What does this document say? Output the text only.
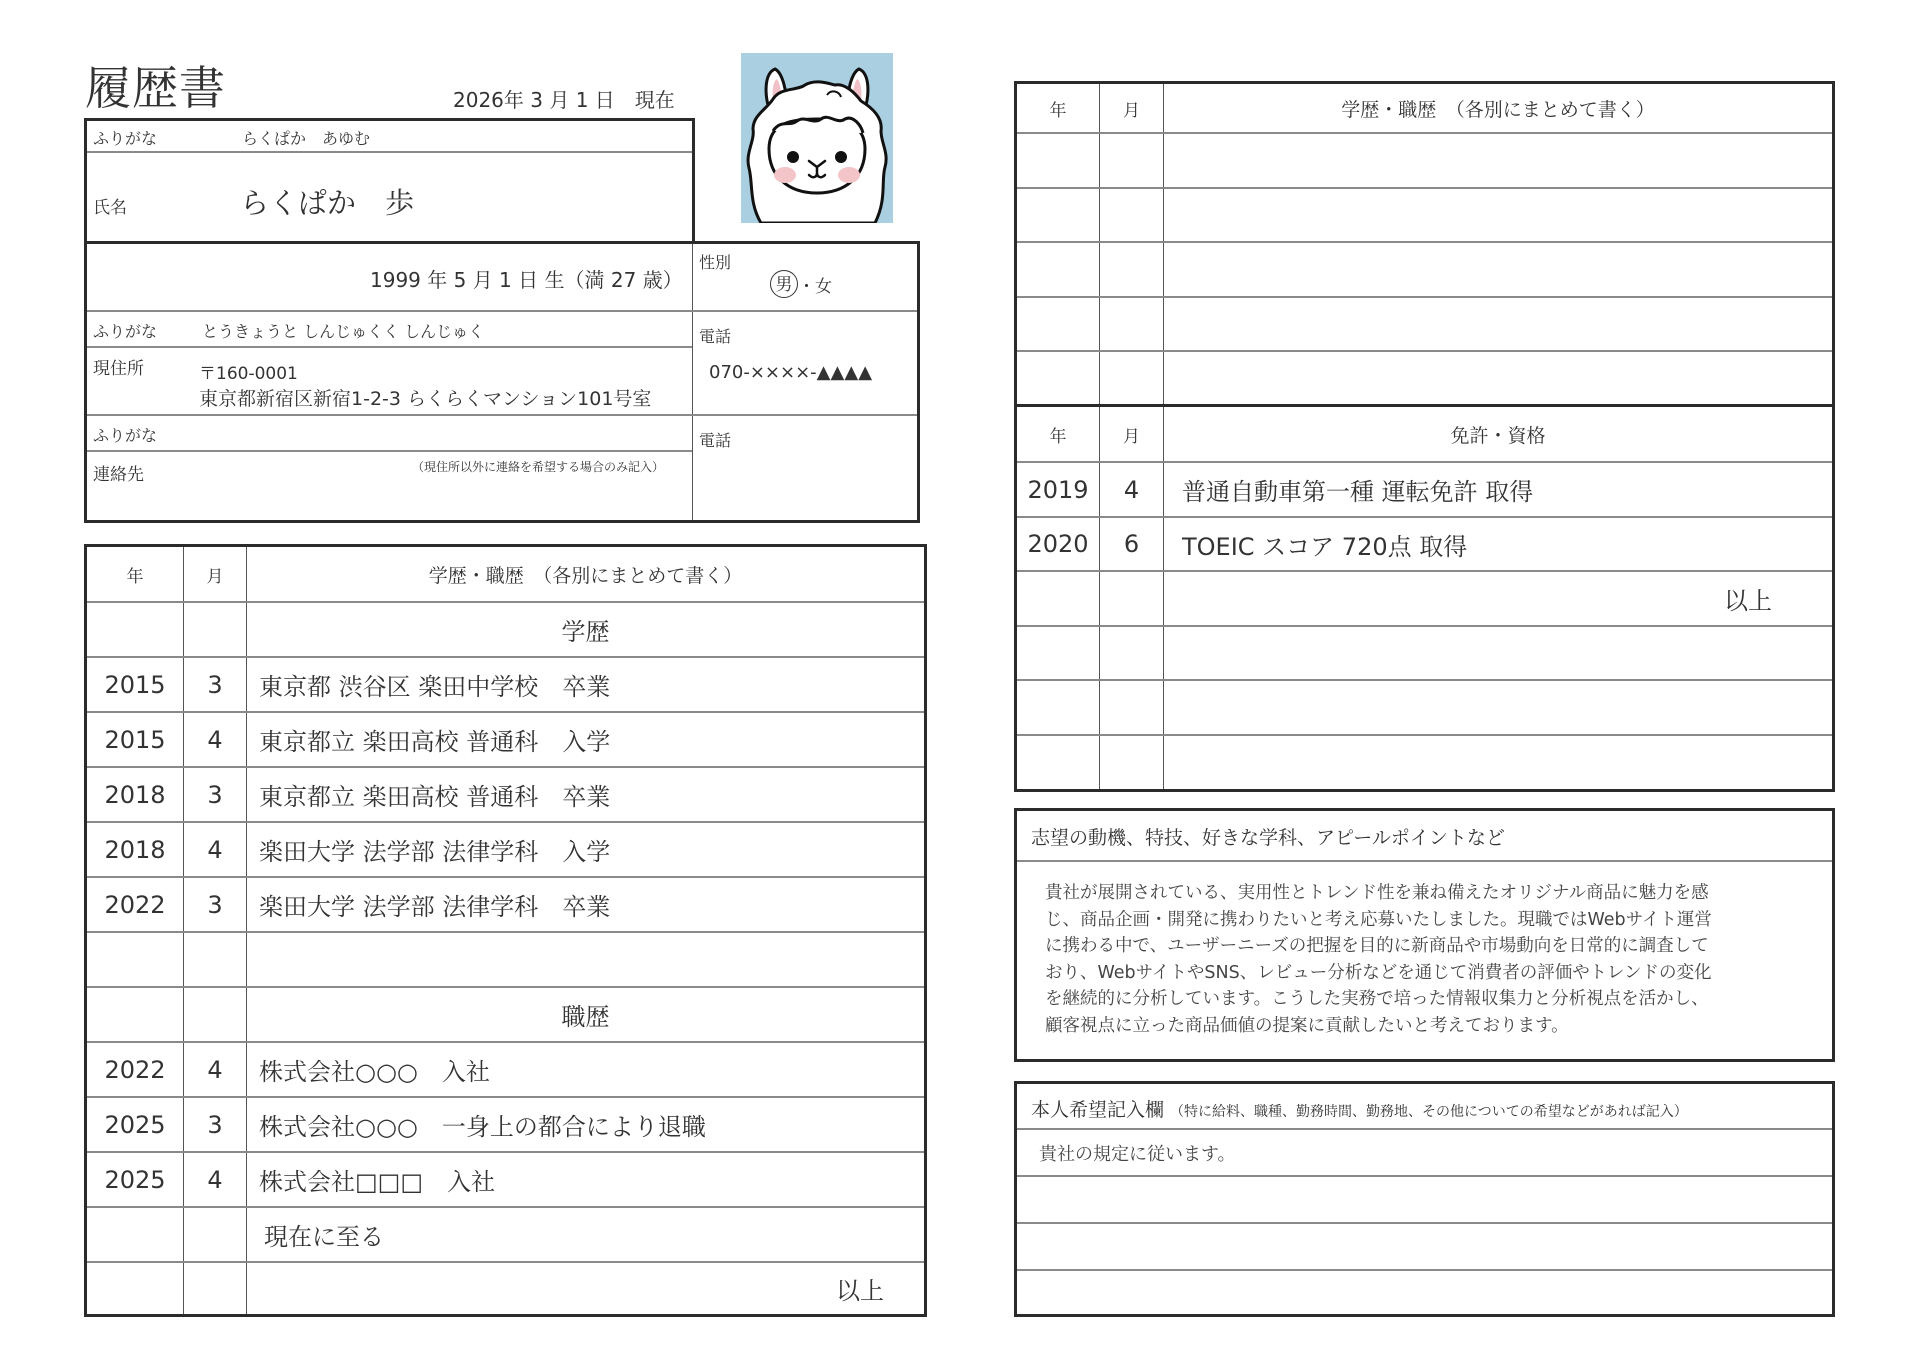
履歴書	2026年 3 月 1 日　現在
ふりがな	らくぱか　あゆむ
氏名	らくぱか　歩
1999 年 5 月 1 日 生（満 27 歳）
性別
男 ・ 女
ふりがな	とうきょうと しんじゅくく しんじゅく
現住所	〒160-0001
東京都新宿区新宿1-2-3 らくらくマンション101号室
電話
070-××××-▲▲▲▲
ふりがな
連絡先	（現住所以外に連絡を希望する場合のみ記入）
電話
年	月	学歴・職歴　（各別にまとめて書く）
学歴
2015	3	東京都 渋谷区 楽田中学校　卒業
2015	4	東京都立 楽田高校 普通科　入学
2018	3	東京都立 楽田高校 普通科　卒業
2018	4	楽田大学 法学部 法律学科　入学
2022	3	楽田大学 法学部 法律学科　卒業
職歴
2022	4	株式会社○○○　入社
2025	3	株式会社○○○　一身上の都合により退職
2025	4	株式会社□□□　入社
現在に至る
以上
年	月	学歴・職歴　（各別にまとめて書く）
年	月	免許・資格
2019	4	普通自動車第一種 運転免許 取得
2020	6	TOEIC スコア 720点 取得
以上
志望の動機、特技、好きな学科、アピールポイントなど
貴社が展開されている、実用性とトレンド性を兼ね備えたオリジナル商品に魅力を感
じ、商品企画・開発に携わりたいと考え応募いたしました。現職ではWebサイト運営
に携わる中で、ユーザーニーズの把握を目的に新商品や市場動向を日常的に調査して
おり、WebサイトやSNS、レビュー分析などを通じて消費者の評価やトレンドの変化
を継続的に分析しています。こうした実務で培った情報収集力と分析視点を活かし、
顧客視点に立った商品価値の提案に貢献したいと考えております。
本人希望記入欄 （特に給料、職種、勤務時間、勤務地、その他についての希望などがあれば記入）
貴社の規定に従います。
